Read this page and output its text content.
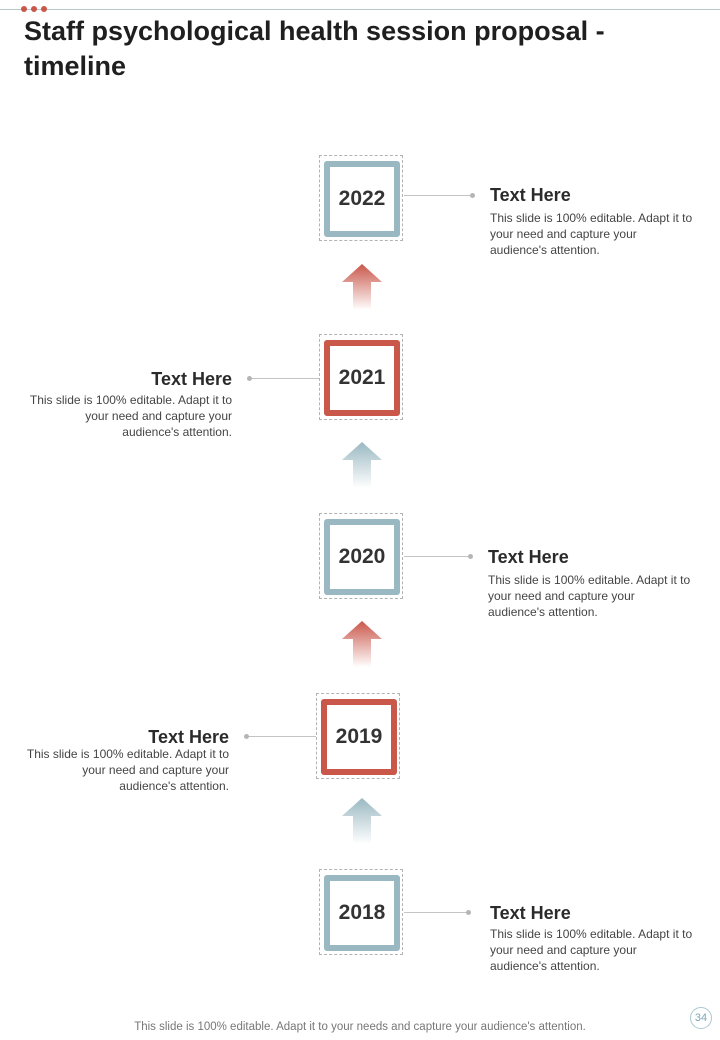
Staff psychological health session proposal - timeline
2022	Text Here

This slide is 100% editable. Adapt it to your need and capture your audience's attention.

2021

Text Here

This slide is 100% editable. Adapt it to your need and capture your audience's attention.

2020	Text Here

This slide is 100% editable. Adapt it to your need and capture your audience's attention.

2019

Text Here

This slide is 100% editable. Adapt it to your need and capture your audience's attention.

2018	Text Here

This slide is 100% editable. Adapt it to your need and capture your audience's attention.

This slide is 100% editable. Adapt it to your needs and capture your audience's attention.
34
